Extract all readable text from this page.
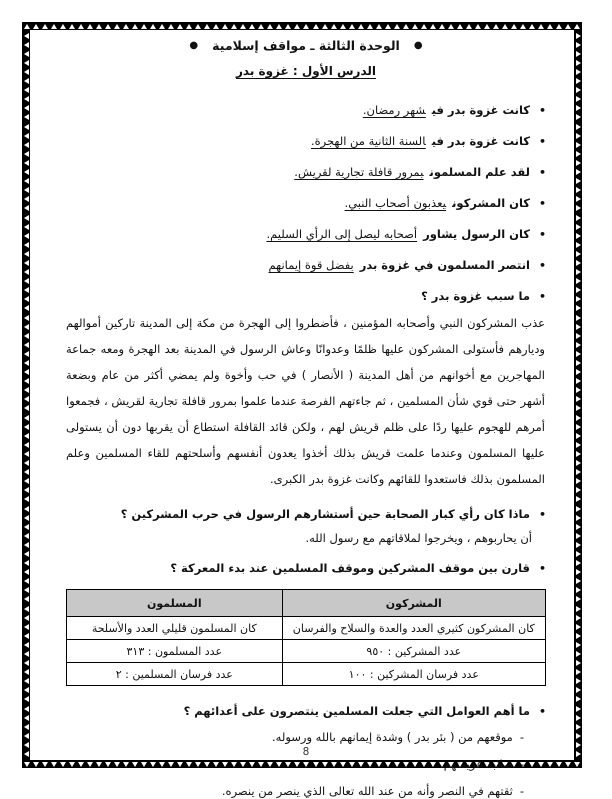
●
الوحدة الثالثة ـ مواقف إسلامية
●
الدرس الأول : غزوة بدر
•
كانت غزوة بدر فيشهر رمضان.
•
كانت غزوة بدر فيالسنة الثانية من الهجرة.
•
لقد علم المسلمونبمرور قافلة تجارية لقريش.
•
كان المشركونيعذبون أصحاب النبي.
•
كان الرسول يشاورأصحابه ليصل إلى الرأي السليم.
•
انتصر المسلمون في غزوة بدربفضل قوة إيمانهم
•
ما سبب غزوة بدر ؟

عذب المشركون النبي وأصحابه المؤمنين ، فأضطروا إلى الهجرة من مكة إلى المدينة تاركين أموالهم وديارهم فأستولى المشركون عليها ظلمًا وعدوانًا وعاش الرسول في المدينة بعد الهجرة ومعه جماعة المهاجرين مع أخوانهم من أهل المدينة ( الأنصار ) في حب وأخوة ولم يمضي أكثر من عام وبضعة أشهر حتى قوي شأن المسلمين ، ثم جاءتهم الفرصة عندما علموا بمرور قافلة تجارية لقريش ، فجمعوا أمرهم للهجوم عليها ردًا على ظلم قريش لهم ، ولكن قائد القافلة استطاع أن يقربها دون أن يستولى عليها المسلمون وعندما علمت قريش بذلك أخذوا يعدون أنفسهم وأسلحتهم للقاء المسلمين وعلم المسلمون بذلك فاستعدوا للقائهم وكانت غزوة بدر الكبرى.

•
ماذا كان رأي كبار الصحابة حين أستشارهم الرسول في حرب المشركين ؟
أن يحاربوهم ، ويخرجوا لملاقاتهم مع رسول الله.
•
قارن بين موقف المشركين وموقف المسلمين عند بدء المعركة ؟
المشركون	المسلمون
كان المشركون كثيري العدد والعدة والسلاح والفرسان	كان المسلمون قليلي العدد والأسلحة
عدد المشركين : ٩٥٠	عدد المسلمون : ٣١٣
عدد فرسان المشركين : ١٠٠	عدد فرسان المسلمين : ٢
•
ما أهم العوامل التي جعلت المسلمين ينتصرون على أعدائهم ؟
-
موقعهم من ( بئر بدر ) وشدة إيمانهم بالله ورسوله.
-
صلابة عزيمتهم.
-
ثقتهم في النصر وأنه من عند الله تعالى الذي ينصر من ينصره.
8
